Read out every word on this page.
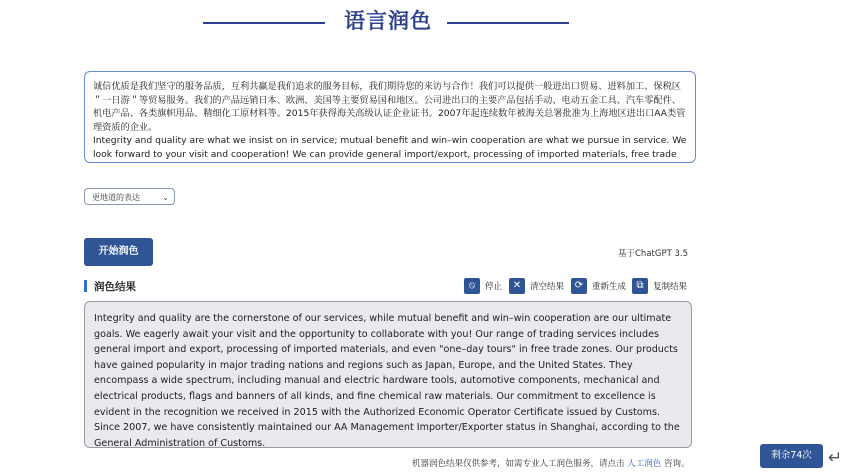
语言润色

诚信优质是我们坚守的服务品质，互利共赢是我们追求的服务目标，我们期待您的来访与合作！我们可以提供一般进出口贸易、进料加工、保税区＂一日游＂等贸易服务。我们的产品远销日本、欧洲、美国等主要贸易国和地区。公司进出口的主要产品包括手动、电动五金工具、汽车零配件、机电产品、各类旗帜用品、精细化工原材料等。2015年获得海关高级认证企业证书。2007年起连续数年被海关总署批准为上海地区进出口AA类管理资质的企业。

Integrity and quality are what we insist on in service; mutual benefit and win–win cooperation are what we pursue in service. We look forward to your visit and cooperation! We can provide general import/export, processing of imported materials, free trade

更地道的表达	⌄
开始润色	基于ChatGPT 3.5
润色结果	⦸	停止	✕	清空结果	⟳	重新生成	⧉	复制结果
Integrity and quality are the cornerstone of our services, while mutual benefit and win–win cooperation are our ultimate goals. We eagerly await your visit and the opportunity to collaborate with you! Our range of trading services includes general import and export, processing of imported materials, and even "one–day tours" in free trade zones. Our products have gained popularity in major trading nations and regions such as Japan, Europe, and the United States. They encompass a wide spectrum, including manual and electric hardware tools, automotive components, mechanical and electrical products, flags and banners of all kinds, and fine chemical raw materials. Our commitment to excellence is evident in the recognition we received in 2015 with the Authorized Economic Operator Certificate issued by Customs. Since 2007, we have consistently maintained our AA Management Importer/Exporter status in Shanghai, according to the General Administration of Customs.
机器润色结果仅供参考，如需专业人工润色服务，请点击 人工润色 咨询。
剩余74次 ↵
